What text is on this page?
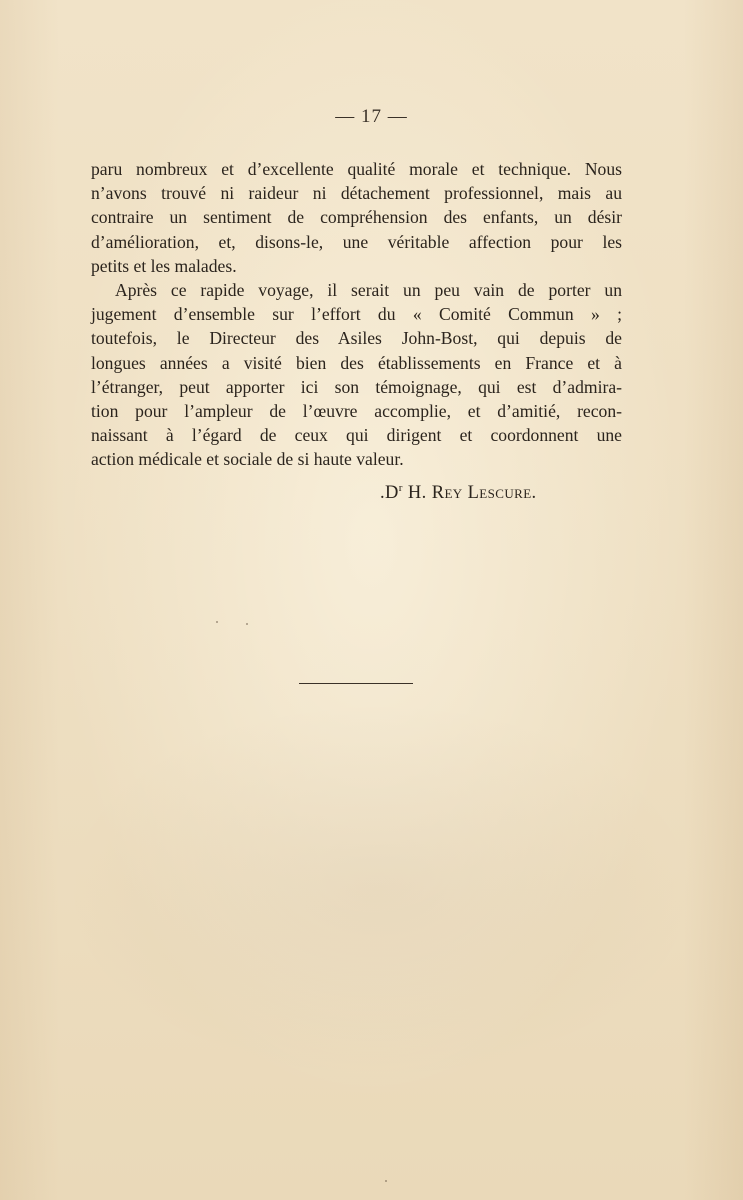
— 17 —

paru nombreux et d’excellente qualité morale et technique. Nous
n’avons trouvé ni raideur ni détachement professionnel, mais au
contraire un sentiment de compréhension des enfants, un désir
d’amélioration, et, disons-le, une véritable affection pour les
petits et les malades.

Après ce rapide voyage, il serait un peu vain de porter un
jugement d’ensemble sur l’effort du « Comité Commun » ;
toutefois, le Directeur des Asiles John-Bost, qui depuis de
longues années a visité bien des établissements en France et à
l’étranger, peut apporter ici son témoignage, qui est d’admira-
tion pour l’ampleur de l’œuvre accomplie, et d’amitié, recon-
naissant à l’égard de ceux qui dirigent et coordonnent une
action médicale et sociale de si haute valeur.

$.D^r$ H. Rey Lescure.
